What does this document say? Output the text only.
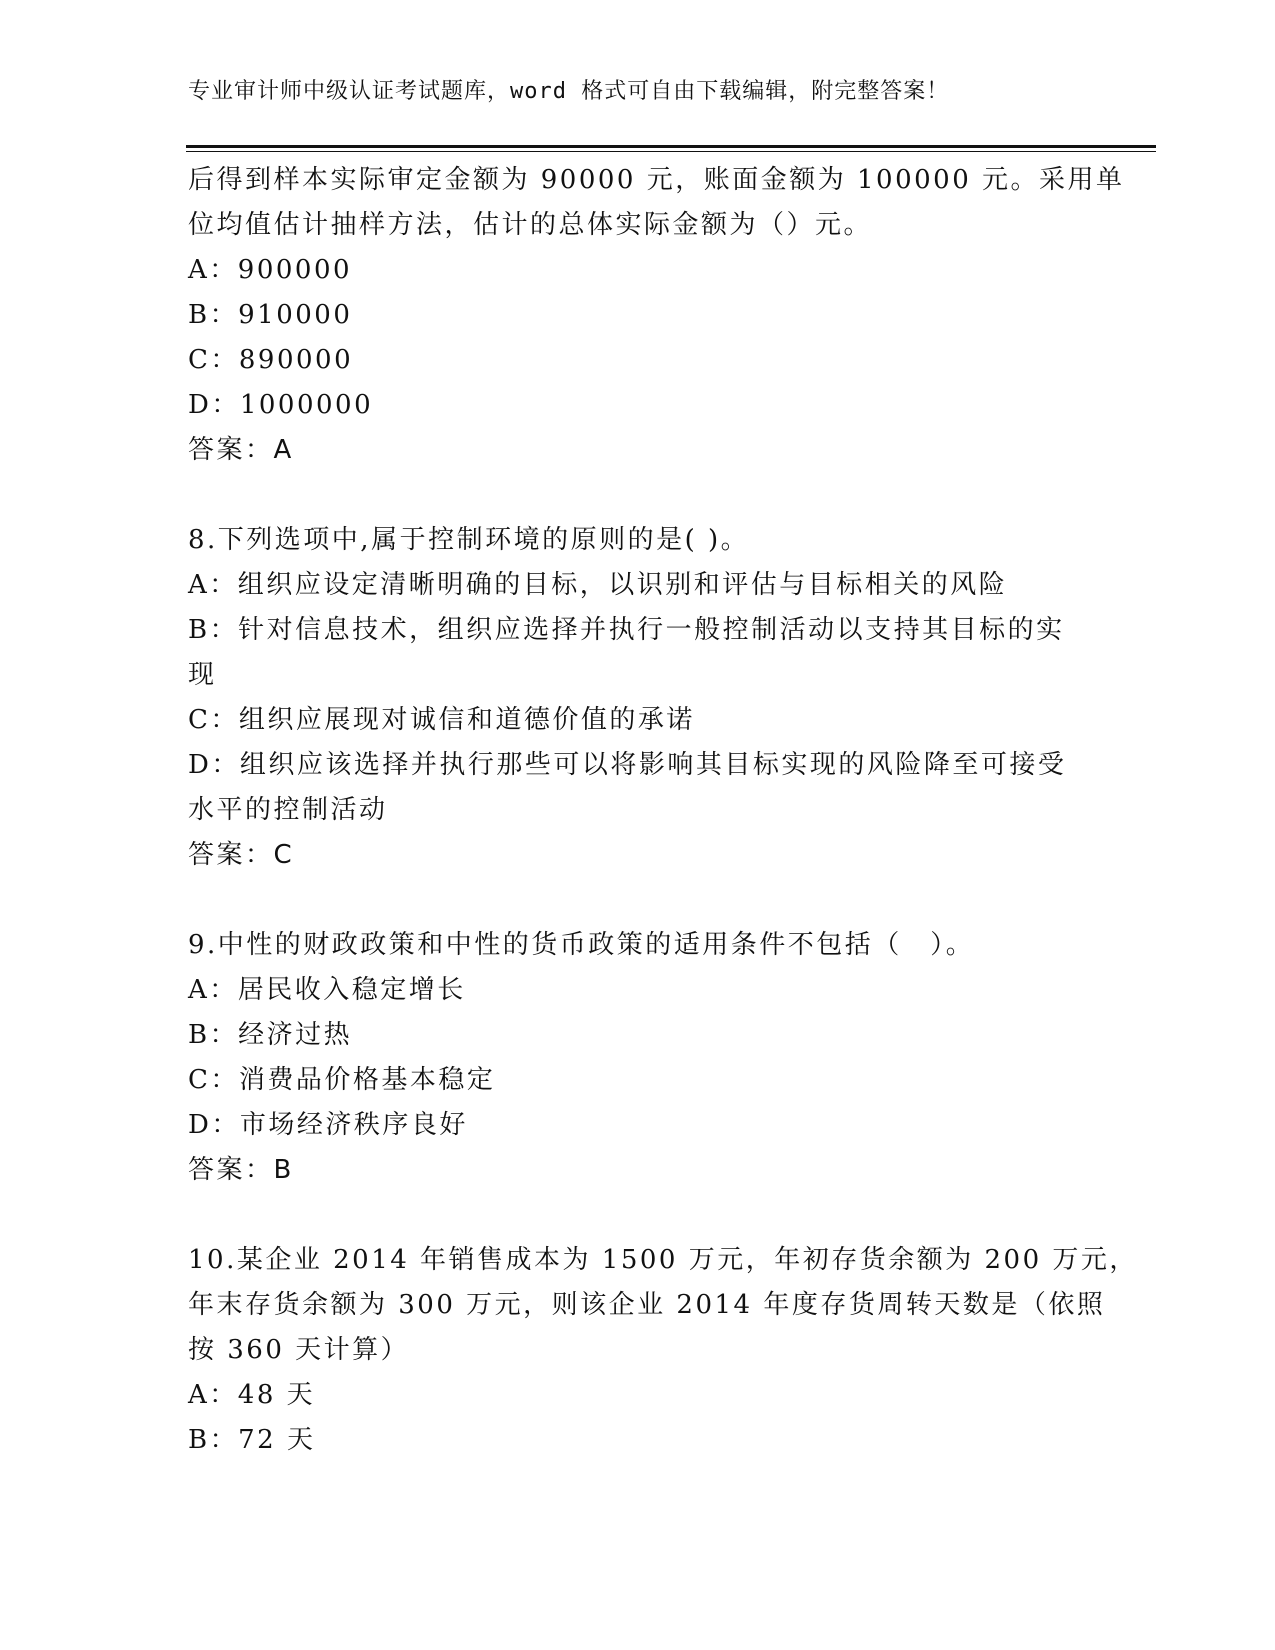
专业审计师中级认证考试题库，word 格式可自由下载编辑，附完整答案！
后得到样本实际审定金额为 90000 元，账面金额为 100000 元。采用单
位均值估计抽样方法，估计的总体实际金额为（）元。
A：900000
B：910000
C：890000
D：1000000
答案：A
8.下列选项中,属于控制环境的原则的是( )。
A：组织应设定清晰明确的目标，以识别和评估与目标相关的风险
B：针对信息技术，组织应选择并执行一般控制活动以支持其目标的实
现
C：组织应展现对诚信和道德价值的承诺
D：组织应该选择并执行那些可以将影响其目标实现的风险降至可接受
水平的控制活动
答案：C
9.中性的财政政策和中性的货币政策的适用条件不包括（　）。
A：居民收入稳定增长
B：经济过热
C：消费品价格基本稳定
D：市场经济秩序良好
答案：B
10.某企业 2014 年销售成本为 1500 万元，年初存货余额为 200 万元，
年末存货余额为 300 万元，则该企业 2014 年度存货周转天数是（依照
按 360 天计算）
A：48 天
B：72 天
